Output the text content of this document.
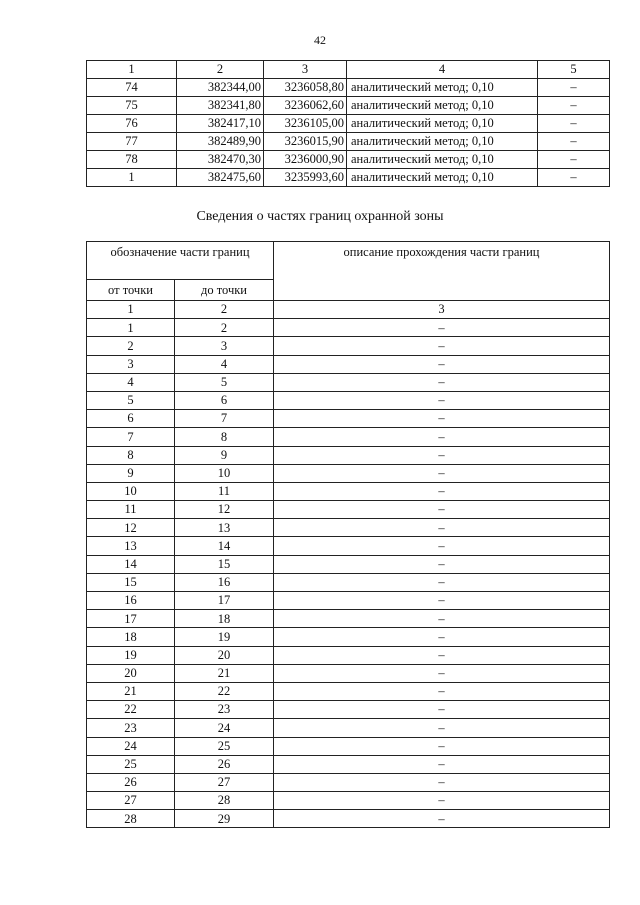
42
1	2	3	4	5
74	382344,00	3236058,80	аналитический метод; 0,10	–
75	382341,80	3236062,60	аналитический метод; 0,10	–
76	382417,10	3236105,00	аналитический метод; 0,10	–
77	382489,90	3236015,90	аналитический метод; 0,10	–
78	382470,30	3236000,90	аналитический метод; 0,10	–
1	382475,60	3235993,60	аналитический метод; 0,10	–
Сведения о частях границ охранной зоны
обозначение части границ		описание прохождения части границ
от точки	до точки	
1	2	3
1	2	–
2	3	–
3	4	–
4	5	–
5	6	–
6	7	–
7	8	–
8	9	–
9	10	–
10	11	–
11	12	–
12	13	–
13	14	–
14	15	–
15	16	–
16	17	–
17	18	–
18	19	–
19	20	–
20	21	–
21	22	–
22	23	–
23	24	–
24	25	–
25	26	–
26	27	–
27	28	–
28	29	–
